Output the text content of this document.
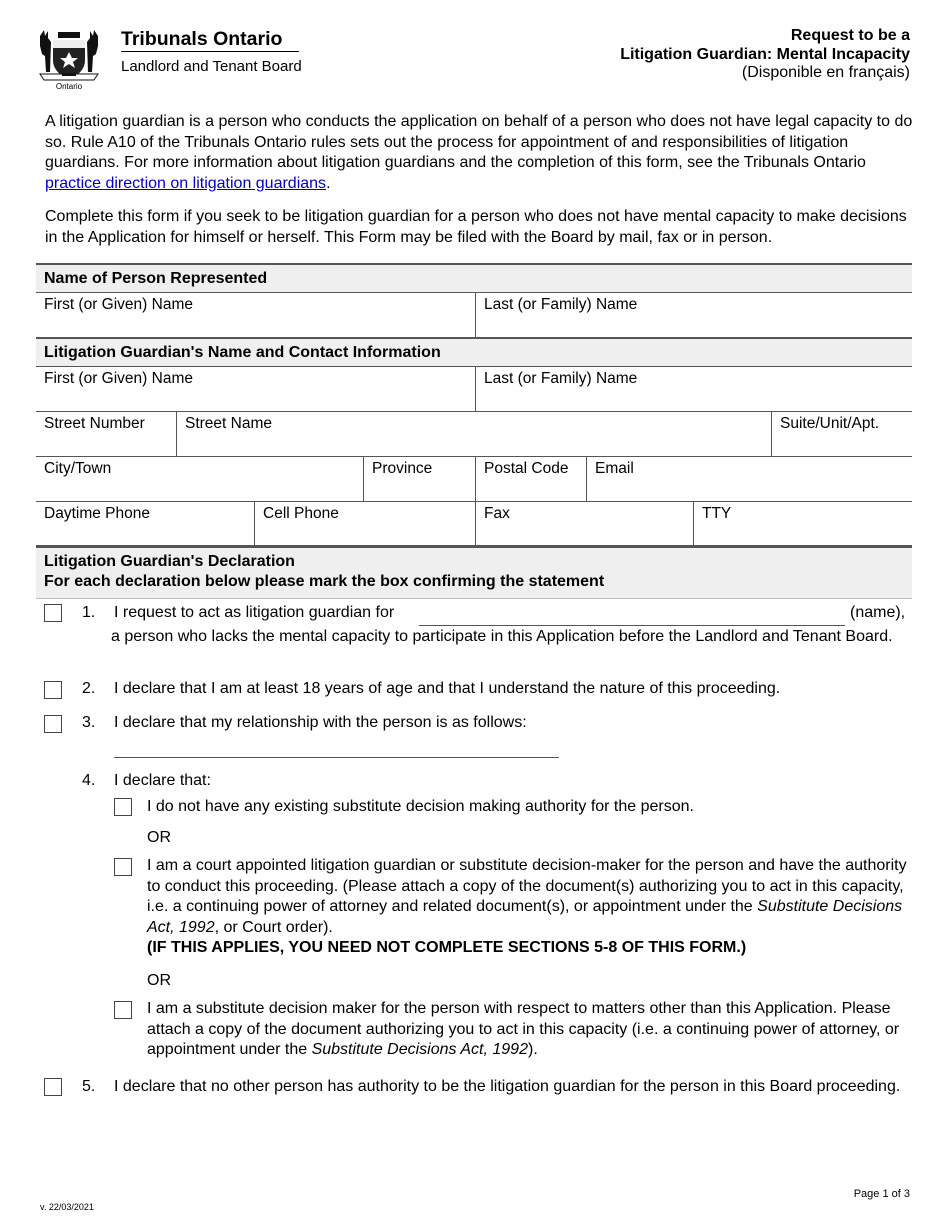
Ontario
Tribunals Ontario
Landlord and Tenant Board
Request to be a
Litigation Guardian: Mental Incapacity
(Disponible en français)
A litigation guardian is a person who conducts the application on behalf of a person who does not have legal capacity to do so. Rule A10 of the Tribunals Ontario rules sets out the process for appointment of and responsibilities of litigation guardians. For more information about litigation guardians and the completion of this form, see the Tribunals Ontario practice direction on litigation guardians.
Complete this form if you seek to be litigation guardian for a person who does not have mental capacity to make decisions in the Application for himself or herself. This Form may be filed with the Board by mail, fax or in person.
Name of Person Represented
First (or Given) Name	Last (or Family) Name
Litigation Guardian's Name and Contact Information
First (or Given) Name	Last (or Family) Name
Street Number	Street Name	Suite/Unit/Apt.
City/Town	Province	Postal Code	Email
Daytime Phone	Cell Phone	Fax	TTY
Litigation Guardian's Declaration
For each declaration below please mark the box confirming the statement
1. I request to act as litigation guardian for	(name),
a person who lacks the mental capacity to participate in this Application before the Landlord and Tenant Board.
2. I declare that I am at least 18 years of age and that I understand the nature of this proceeding.
3. I declare that my relationship with the person is as follows:
4. I declare that:
I do not have any existing substitute decision making authority for the person.
OR
I am a court appointed litigation guardian or substitute decision-maker for the person and have the authority to conduct this proceeding. (Please attach a copy of the document(s) authorizing you to act in this capacity, i.e. a continuing power of attorney and related document(s), or appointment under the Substitute Decisions Act, 1992, or Court order).
(IF THIS APPLIES, YOU NEED NOT COMPLETE SECTIONS 5-8 OF THIS FORM.)
OR
I am a substitute decision maker for the person with respect to matters other than this Application. Please attach a copy of the document authorizing you to act in this capacity (i.e. a continuing power of attorney, or appointment under the Substitute Decisions Act, 1992).
5. I declare that no other person has authority to be the litigation guardian for the person in this Board proceeding.
v. 22/03/2021
Page 1 of 3
